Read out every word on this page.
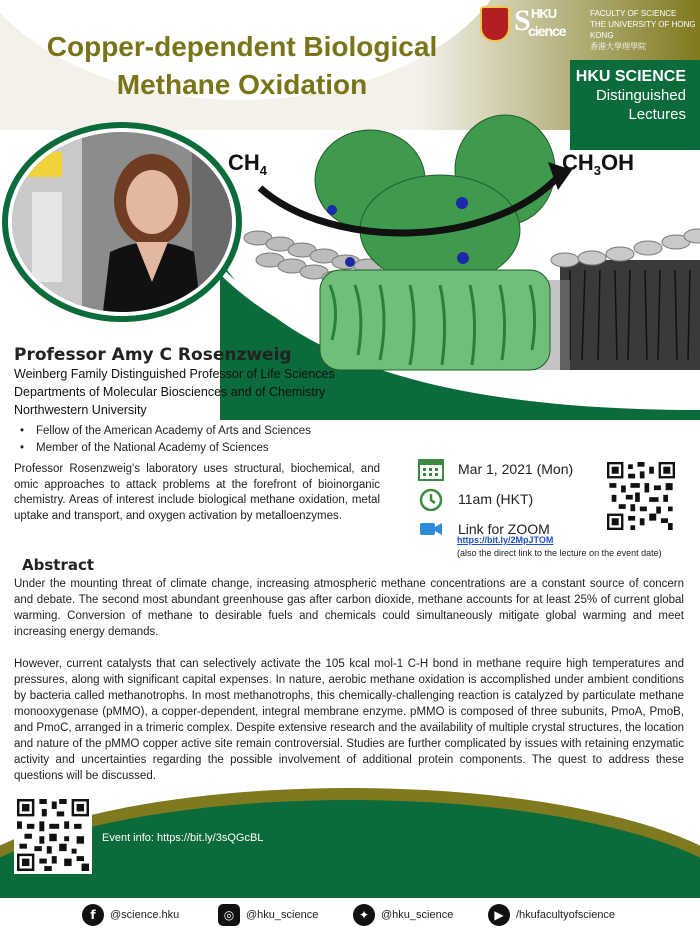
Copper-dependent Biological
Methane Oxidation
S HKU
cience
FACULTY OF SCIENCE
THE UNIVERSITY OF HONG KONG
香港大學理學院
HKU SCIENCE
Distinguished
Lectures
$CH_4$	$CH_3OH$
Professor Amy C Rosenzweig
Weinberg Family Distinguished Professor of Life Sciences
Departments of Molecular Biosciences and of Chemistry
Northwestern University
• Fellow of the American Academy of Arts and Sciences
• Member of the National Academy of Sciences
Professor Rosenzweig's laboratory uses structural, biochemical, and omic approaches to attack problems at the forefront of bioinorganic chemistry. Areas of interest include biological methane oxidation, metal uptake and transport, and oxygen activation by metalloenzymes.
Mar 1, 2021 (Mon)
11am (HKT)
Link for ZOOM
https://bit.ly/2MpJTOM
(also the direct link to the lecture on the event date)
Abstract

Under the mounting threat of climate change, increasing atmospheric methane concentrations are a constant source of concern and debate. The second most abundant greenhouse gas after carbon dioxide, methane accounts for at least 25% of current global warming. Conversion of methane to desirable fuels and chemicals could simultaneously mitigate global warming and meet increasing energy demands.

However, current catalysts that can selectively activate the 105 kcal mol-1 C-H bond in methane require high temperatures and pressures, along with significant capital expenses. In nature, aerobic methane oxidation is accomplished under ambient conditions by bacteria called methanotrophs. In most methanotrophs, this chemically-challenging reaction is catalyzed by particulate methane monooxygenase (pMMO), a copper-dependent, integral membrane enzyme. pMMO is composed of three subunits, PmoA, PmoB, and PmoC, arranged in a trimeric complex. Despite extensive research and the availability of multiple crystal structures, the location and nature of the pMMO copper active site remain controversial. Studies are further complicated by issues with retaining enzymatic activity and uncertainties regarding the possible involvement of additional protein components. The quest to address these questions will be discussed.

Event info: https://bit.ly/3sQGcBL
f	@science.hku	◎	@hku_science	✦	@hku_science	▶	/hkufacultyofscience
